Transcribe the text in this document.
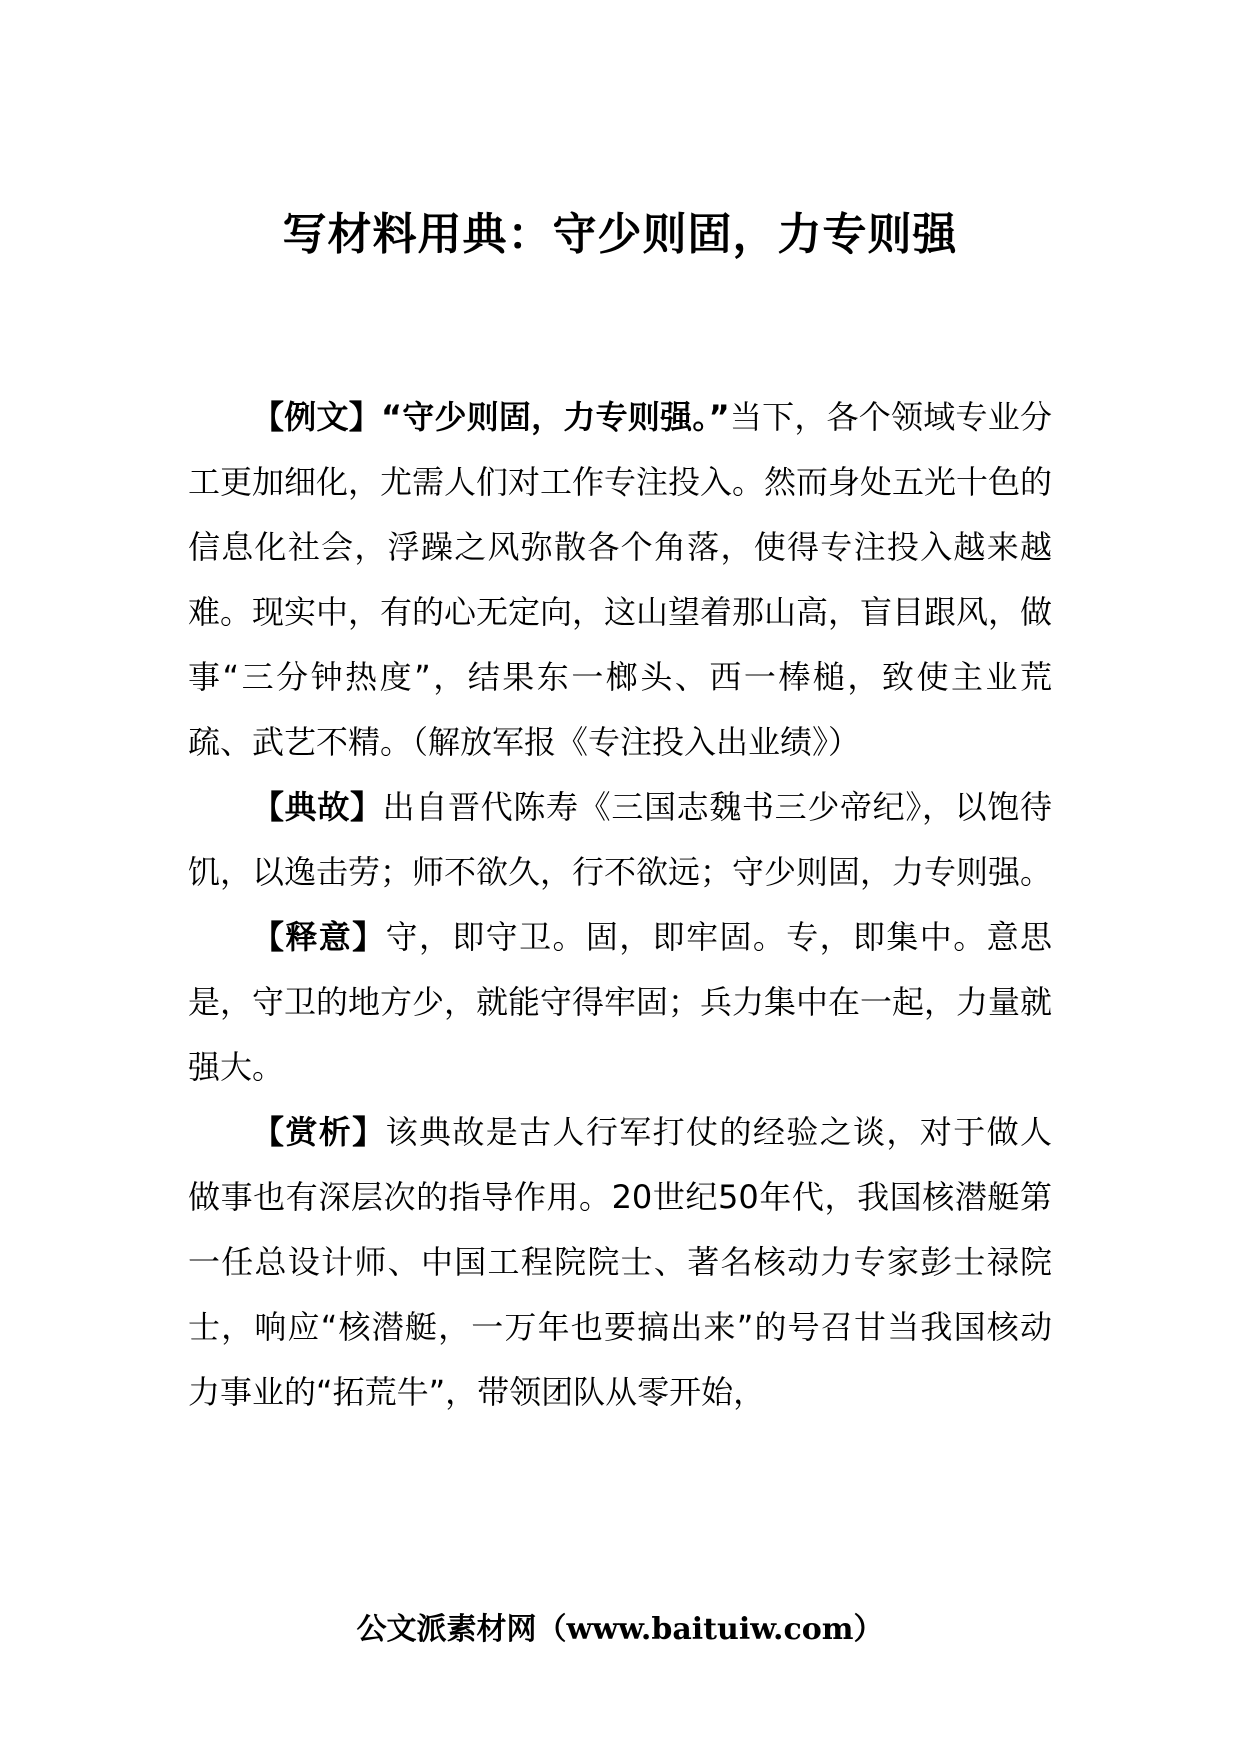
写材料用典：守少则固，力专则强

【例文】“守少则固，力专则强。”当下，各个领域专业分工更加细化，尤需人们对工作专注投入。然而身处五光十色的信息化社会，浮躁之风弥散各个角落，使得专注投入越来越难。现实中，有的心无定向，这山望着那山高，盲目跟风，做事“三分钟热度”，结果东一榔头、西一棒槌，致使主业荒疏、武艺不精。（解放军报《专注投入出业绩》）

【典故】出自晋代陈寿《三国志魏书三少帝纪》，以饱待饥，以逸击劳；师不欲久，行不欲远；守少则固，力专则强。

【释意】守，即守卫。固，即牢固。专，即集中。意思是，守卫的地方少，就能守得牢固；兵力集中在一起，力量就强大。

【赏析】该典故是古人行军打仗的经验之谈，对于做人做事也有深层次的指导作用。20世纪50年代，我国核潜艇第一任总设计师、中国工程院院士、著名核动力专家彭士禄院士，响应“核潜艇，一万年也要搞出来”的号召甘当我国核动力事业的“拓荒牛”，带领团队从零开始，

公文派素材网（www.baituiw.com）
